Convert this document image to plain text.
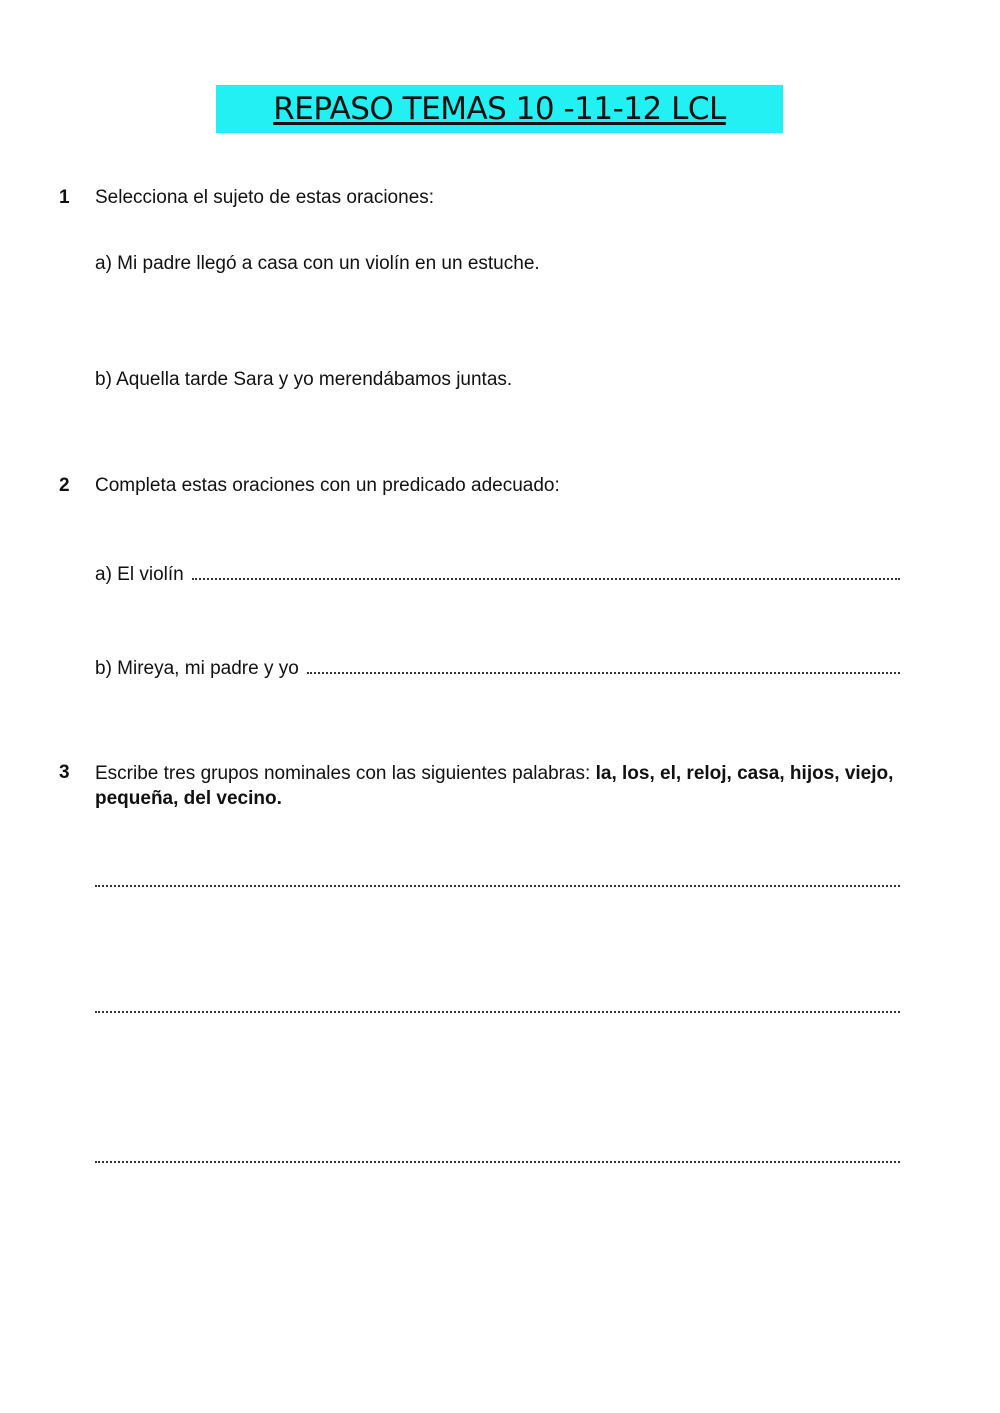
REPASO TEMAS 10 -11-12 LCL
1 Selecciona el sujeto de estas oraciones:
a) Mi padre llegó a casa con un violín en un estuche.
b) Aquella tarde Sara y yo merendábamos juntas.
2 Completa estas oraciones con un predicado adecuado:
a) El violín
b) Mireya, mi padre y yo
3 Escribe tres grupos nominales con las siguientes palabras: la, los, el, reloj, casa, hijos, viejo, pequeña, del vecino.
